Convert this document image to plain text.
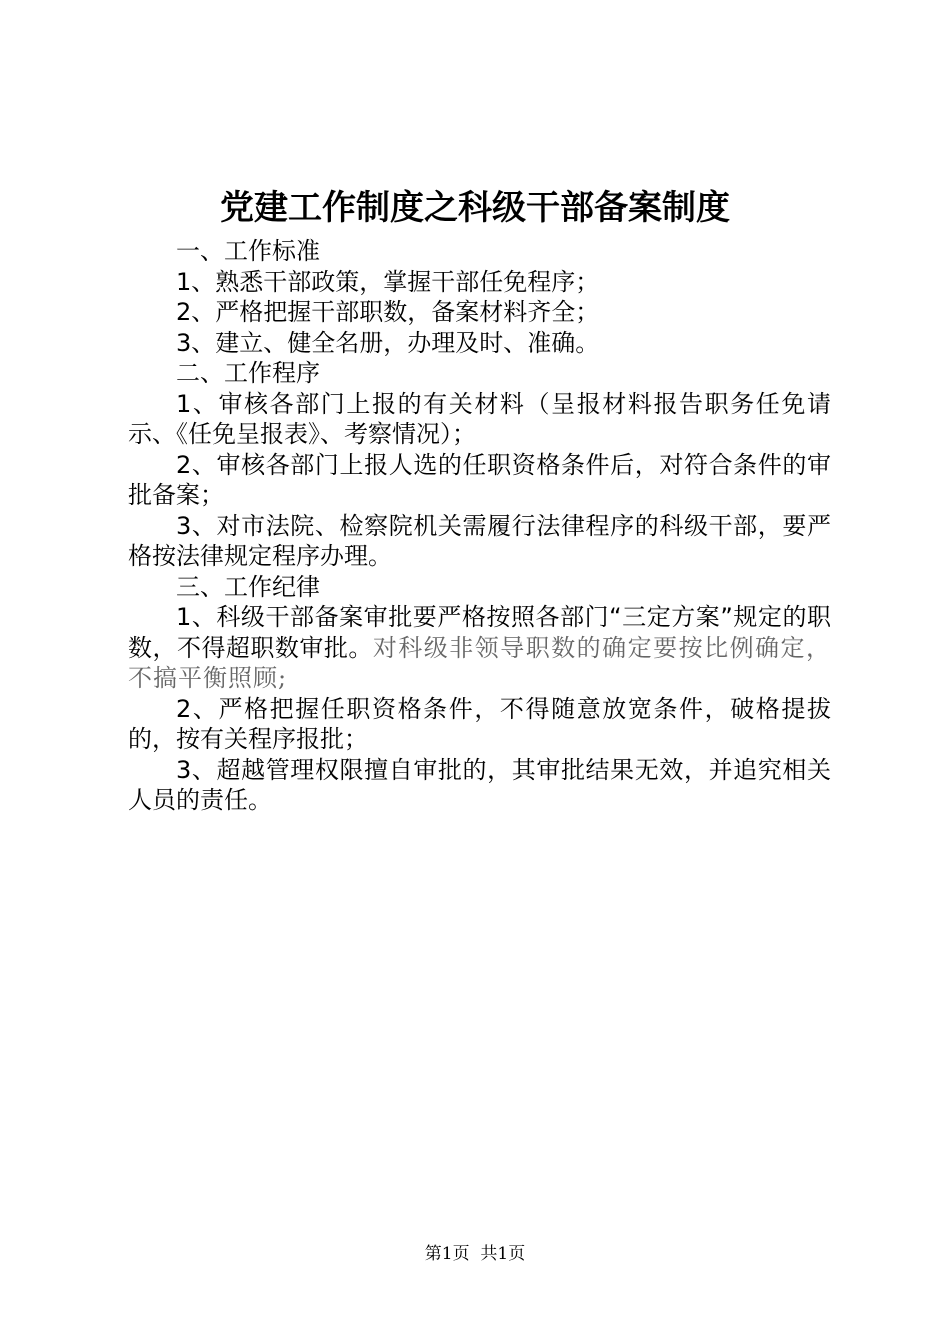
党建工作制度之科级干部备案制度

一、工作标准

1、熟悉干部政策，掌握干部任免程序；

2、严格把握干部职数，备案材料齐全；

3、建立、健全名册，办理及时、准确。

二、工作程序

1、审核各部门上报的有关材料（呈报材料报告职务任免请示、《任免呈报表》、考察情况）；

2、审核各部门上报人选的任职资格条件后，对符合条件的审批备案；

3、对市法院、检察院机关需履行法律程序的科级干部，要严格按法律规定程序办理。

三、工作纪律

1、科级干部备案审批要严格按照各部门“三定方案”规定的职数，不得超职数审批。对科级非领导职数的确定要按比例确定，不搞平衡照顾;

2、严格把握任职资格条件，不得随意放宽条件，破格提拔的，按有关程序报批；

3、超越管理权限擅自审批的，其审批结果无效，并追究相关人员的责任。

第1页  共1页
